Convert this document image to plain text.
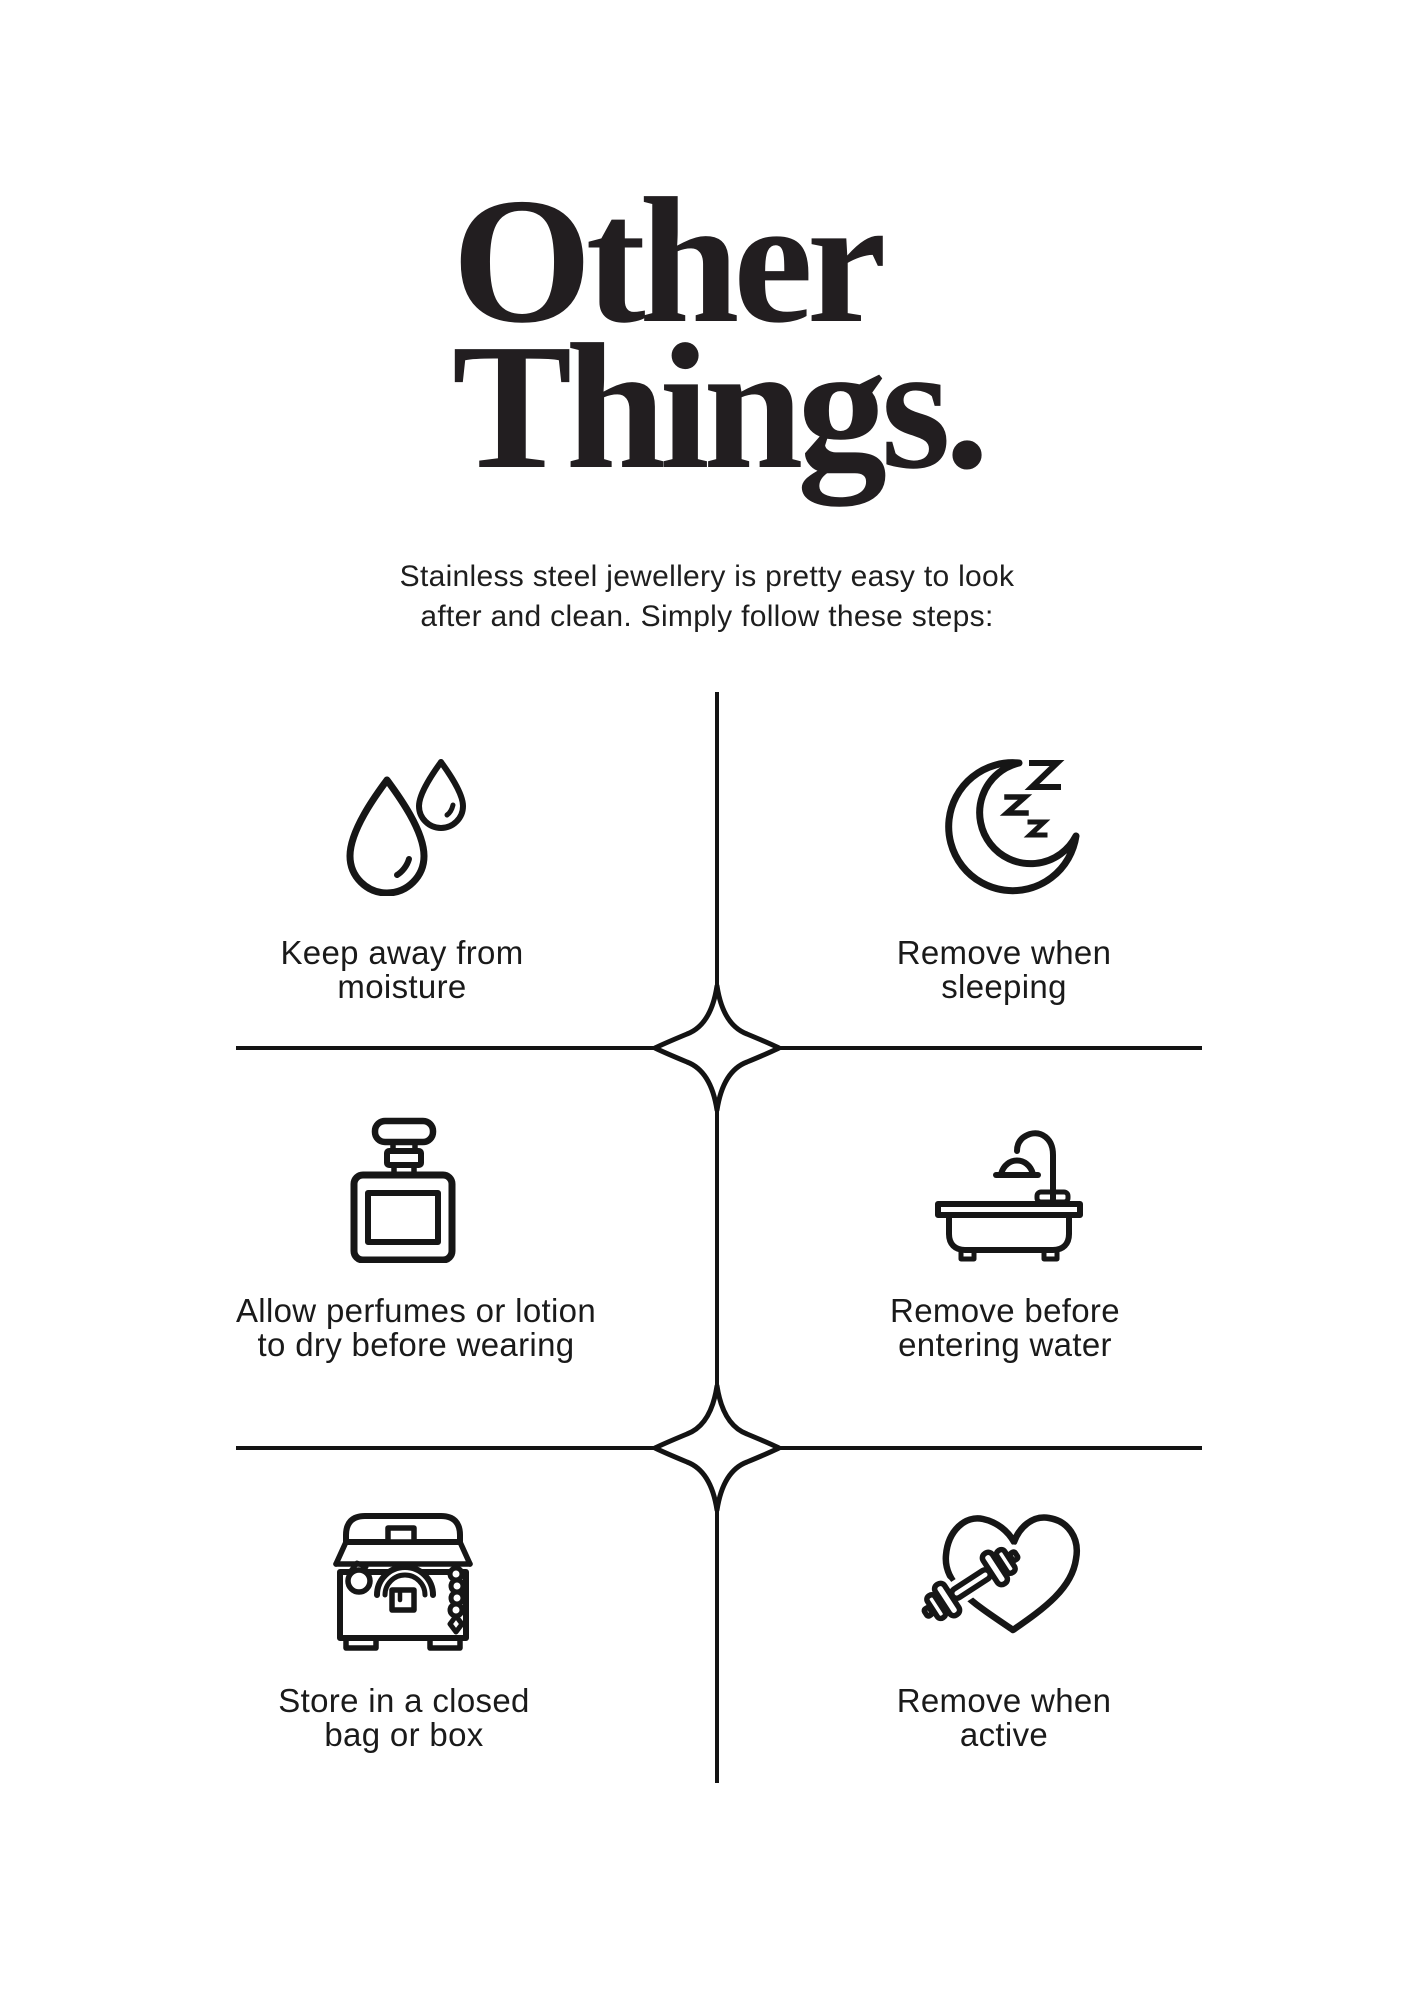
Other
Things.
Stainless steel jewellery is pretty easy to look
after and clean. Simply follow these steps:
Keep away from
moisture
Remove when
sleeping
Allow perfumes or lotion
to dry before wearing
Remove before
entering water
Store in a closed
bag or box
Remove when
active
